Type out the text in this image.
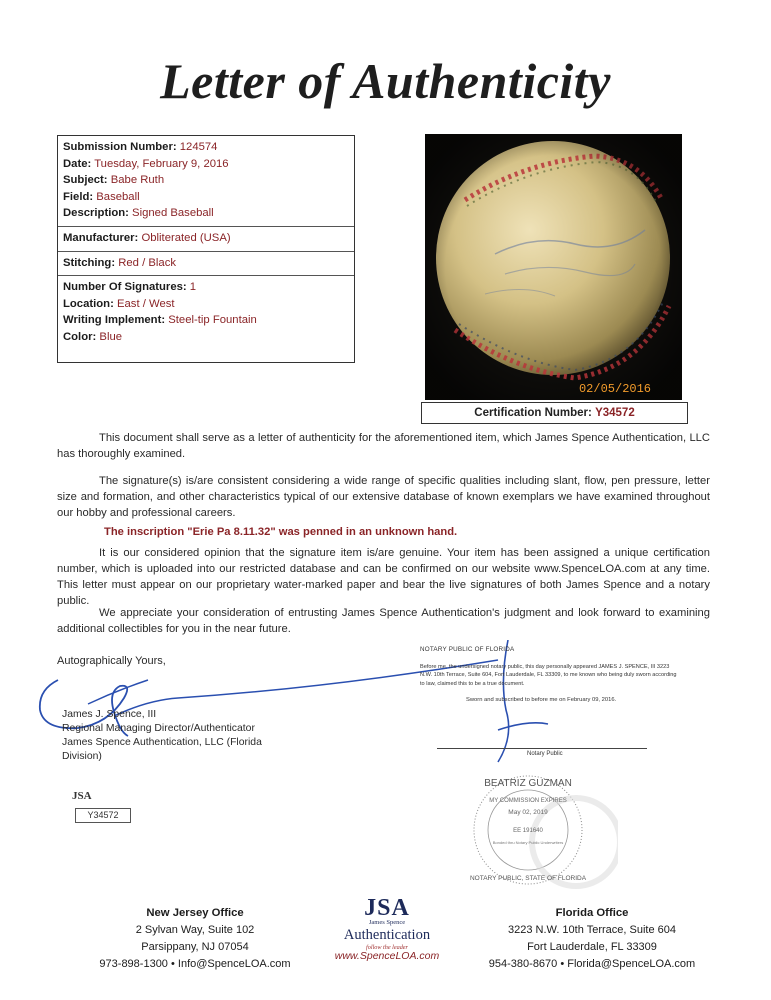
Letter of Authenticity
Submission Number: 124574
Date: Tuesday, February 9, 2016
Subject: Babe Ruth
Field: Baseball
Description: Signed Baseball
Manufacturer: Obliterated (USA)
Stitching: Red / Black
Number Of Signatures: 1
Location: East / West
Writing Implement: Steel-tip Fountain
Color: Blue
02/05/2016
Certification Number: Y34572
This document shall serve as a letter of authenticity for the aforementioned item, which James Spence Authentication, LLC has thoroughly examined.
The signature(s) is/are consistent considering a wide range of specific qualities including slant, flow, pen pressure, letter size and formation, and other characteristics typical of our extensive database of known exemplars we have examined throughout our hobby and professional careers.
The inscription "Erie Pa 8.11.32" was penned in an unknown hand.
It is our considered opinion that the signature item is/are genuine. Your item has been assigned a unique certification number, which is uploaded into our restricted database and can be confirmed on our website www.SpenceLOA.com at any time. This letter must appear on our proprietary water-marked paper and bear the live signatures of both James Spence and a notary public.
We appreciate your consideration of entrusting James Spence Authentication's judgment and look forward to examining additional collectibles for you in the near future.
Autographically Yours,
James J. Spence, III
Regional Managing Director/Authenticator
James Spence Authentication, LLC (Florida Division)
NOTARY PUBLIC OF FLORIDA
Before me, the undersigned notary public, this day personally appeared JAMES J. SPENCE, III 3223 N.W. 10th Terrace, Suite 604, Fort Lauderdale, FL 33309, to me known who being duly sworn according to law, claimed this to be a true document.
Sworn and subscribed to before me on February 09, 2016.
Notary Public
BEATRIZ GUZMAN
MY COMMISSION EXPIRES
May 02, 2019
EE 191640
Bonded thru Notary Public Underwriters
NOTARY PUBLIC, STATE OF FLORIDA
JSA
Y34572
New Jersey Office
2 Sylvan Way, Suite 102
Parsippany, NJ 07054
973-898-1300 • Info@SpenceLOA.com
JSA
James Spence
Authentication
follow the leader
www.SpenceLOA.com
Florida Office
3223 N.W. 10th Terrace, Suite 604
Fort Lauderdale, FL 33309
954-380-8670 • Florida@SpenceLOA.com
